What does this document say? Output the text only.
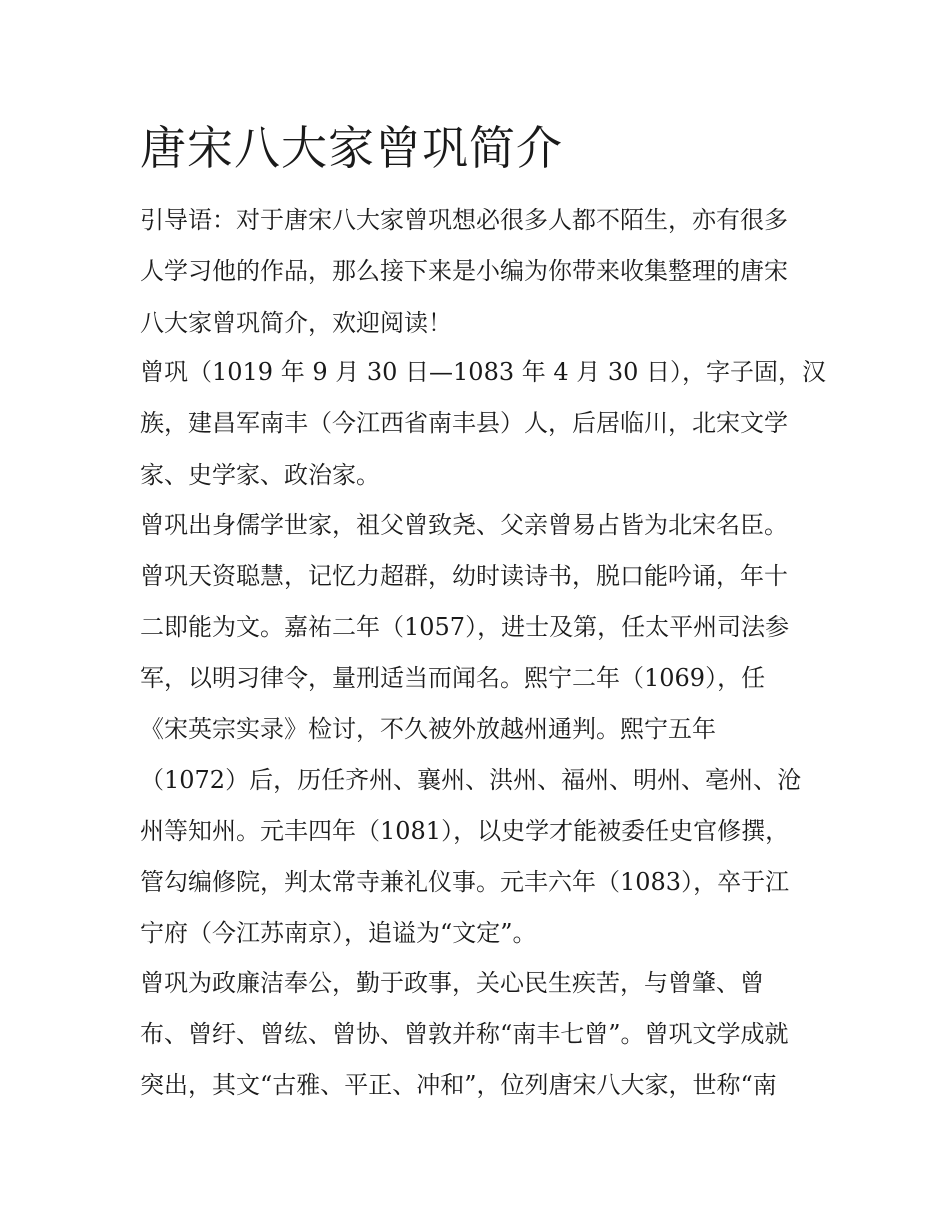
唐宋八大家曾巩简介

引导语：对于唐宋八大家曾巩想必很多人都不陌生，亦有很多

人学习他的作品，那么接下来是小编为你带来收集整理的唐宋

八大家曾巩简介，欢迎阅读！

曾巩（1019 年 9 月 30 日—1083 年 4 月 30 日），字子固，汉

族，建昌军南丰（今江西省南丰县）人，后居临川，北宋文学

家、史学家、政治家。

曾巩出身儒学世家，祖父曾致尧、父亲曾易占皆为北宋名臣。

曾巩天资聪慧，记忆力超群，幼时读诗书，脱口能吟诵，年十

二即能为文。嘉祐二年（1057），进士及第，任太平州司法参

军，以明习律令，量刑适当而闻名。熙宁二年（1069），任

《宋英宗实录》检讨，不久被外放越州通判。熙宁五年

（1072）后，历任齐州、襄州、洪州、福州、明州、亳州、沧

州等知州。元丰四年（1081），以史学才能被委任史官修撰，

管勾编修院，判太常寺兼礼仪事。元丰六年（1083），卒于江

宁府（今江苏南京），追谥为“文定”。

曾巩为政廉洁奉公，勤于政事，关心民生疾苦，与曾肇、曾

布、曾纡、曾纮、曾协、曾敦并称“南丰七曾”。曾巩文学成就

突出，其文“古雅、平正、冲和”，位列唐宋八大家，世称“南
